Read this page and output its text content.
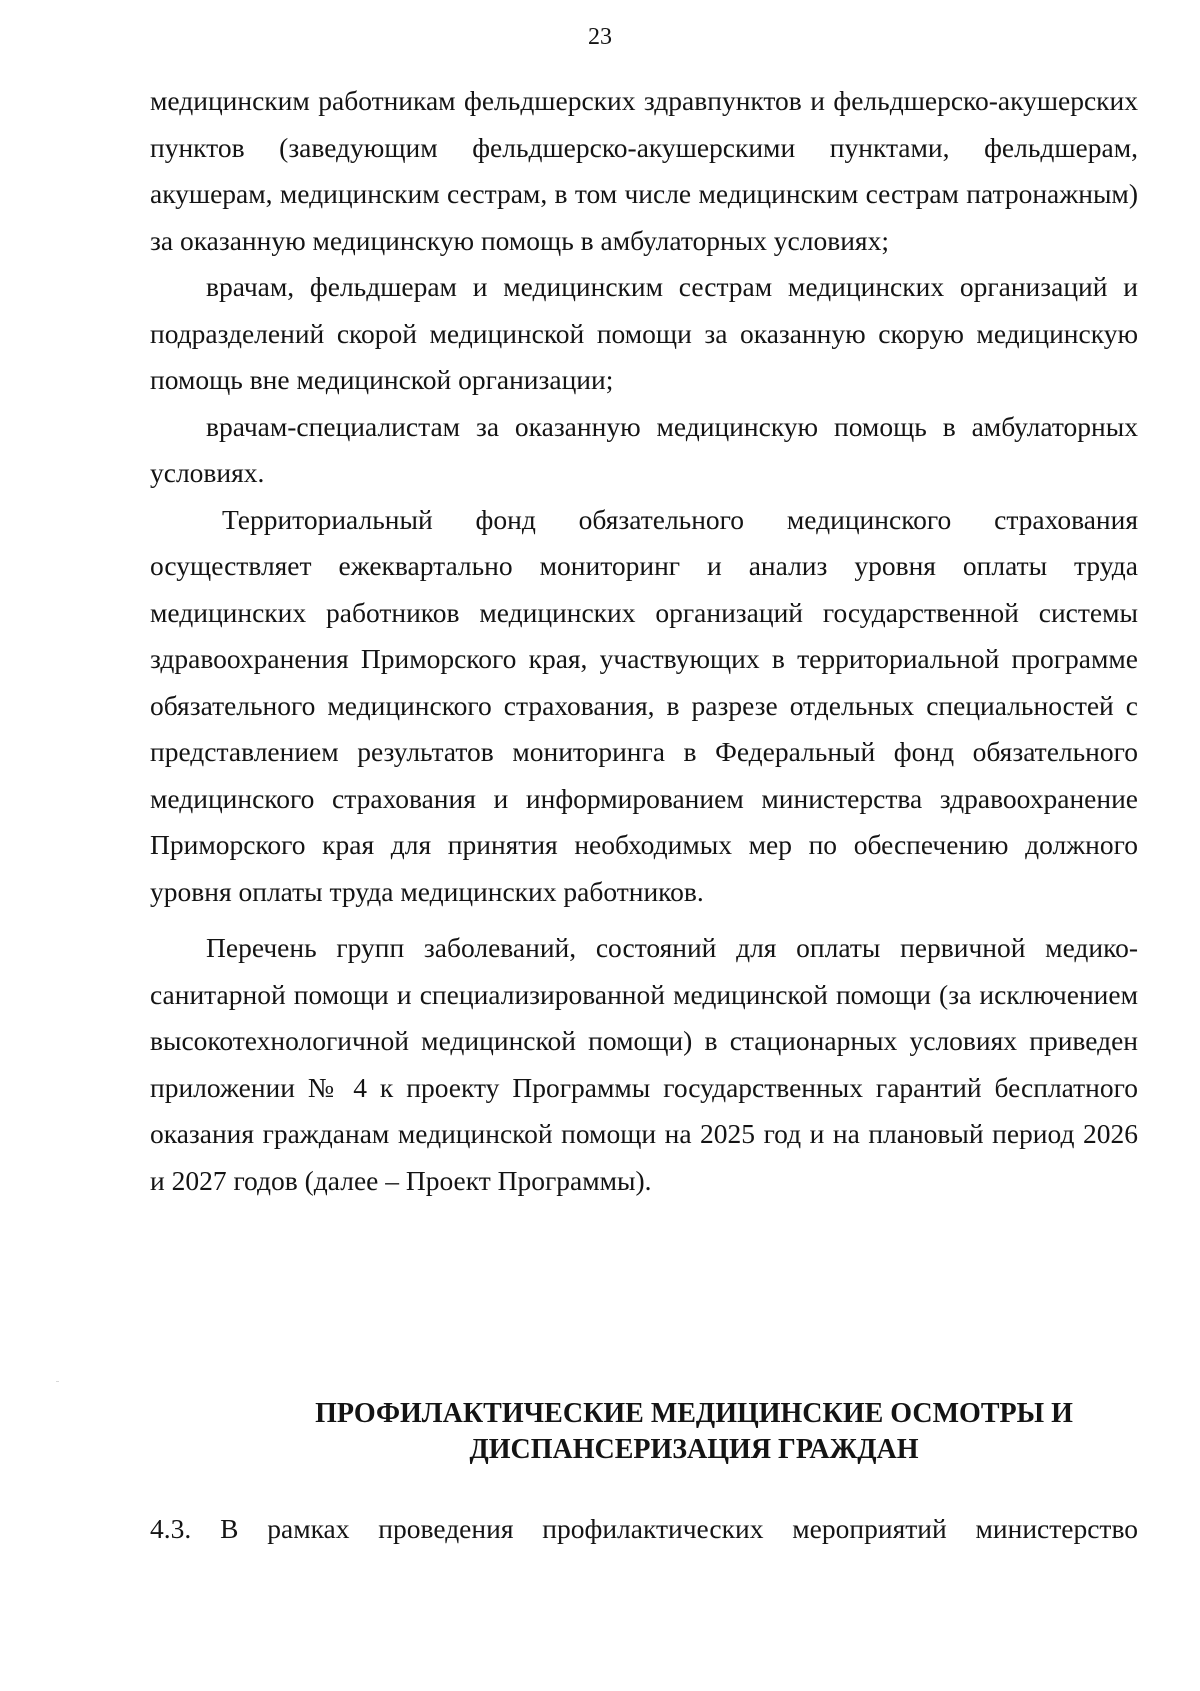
23

медицинским работникам фельдшерских здравпунктов и фельдшерско-акушерских пунктов (заведующим фельдшерско-акушерскими пунктами, фельдшерам, акушерам, медицинским сестрам, в том числе медицинским сестрам патронажным) за оказанную медицинскую помощь в амбулаторных условиях;

врачам, фельдшерам и медицинским сестрам медицинских организаций и подразделений скорой медицинской помощи за оказанную скорую медицинскую помощь вне медицинской организации;

врачам-специалистам за оказанную медицинскую помощь в амбулаторных условиях.

Территориальный фонд обязательного медицинского страхования осуществляет ежеквартально мониторинг и анализ уровня оплаты труда медицинских работников медицинских организаций государственной системы здравоохранения Приморского края, участвующих в территориальной программе обязательного медицинского страхования, в разрезе отдельных специальностей с представлением результатов мониторинга в Федеральный фонд обязательного медицинского страхования и информированием министерства здравоохранение Приморского края для принятия необходимых мер по обеспечению должного уровня оплаты труда медицинских работников.

Перечень групп заболеваний, состояний для оплаты первичной медико-санитарной помощи и специализированной медицинской помощи (за исключением высокотехнологичной медицинской помощи) в стационарных условиях приведен приложении № 4 к проекту Программы государственных гарантий бесплатного оказания гражданам медицинской помощи на 2025 год и на плановый период 2026 и 2027 годов (далее – Проект Программы).

ПРОФИЛАКТИЧЕСКИЕ МЕДИЦИНСКИЕ ОСМОТРЫ И
ДИСПАНСЕРИЗАЦИЯ ГРАЖДАН

4.3. В рамках проведения профилактических мероприятий министерство
